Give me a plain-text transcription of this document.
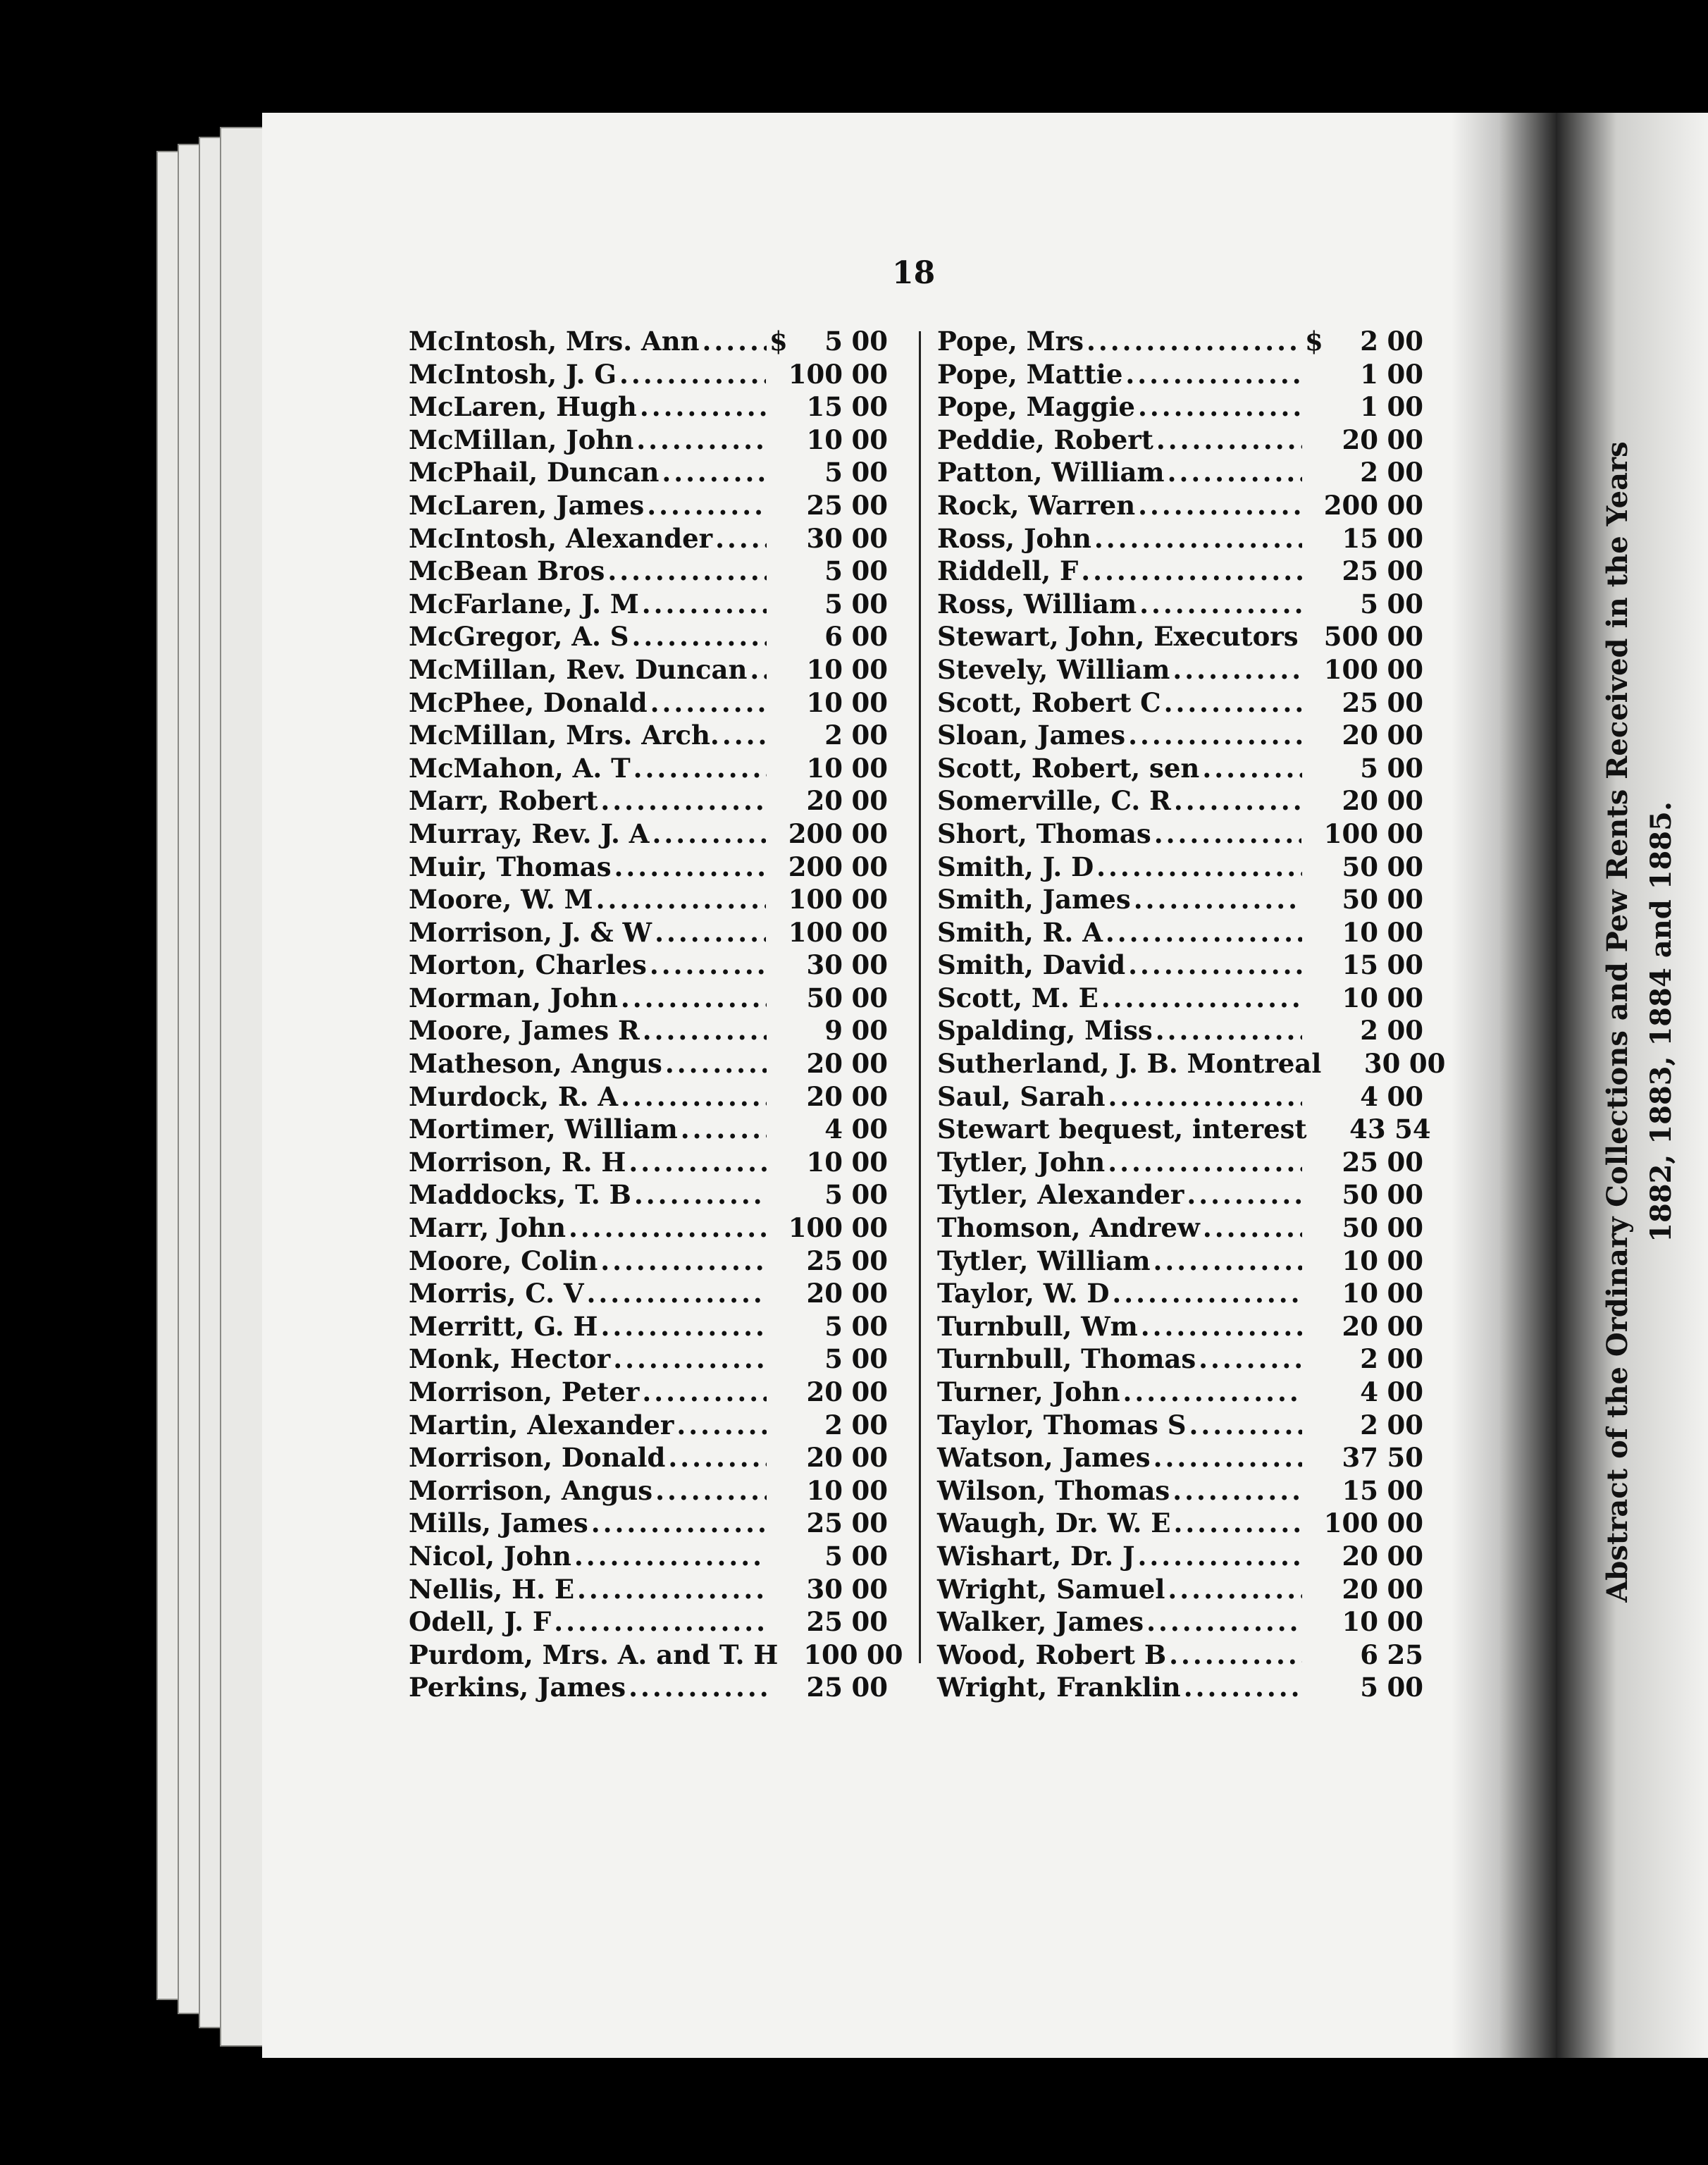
18
McIntosh, Mrs. Ann .....	$	5 00
McIntosh, J. G .....	100 00
McLaren, Hugh .....	15 00
McMillan, John .....	10 00
McPhail, Duncan .....	5 00
McLaren, James .....	25 00
McIntosh, Alexander .....	30 00
McBean Bros .....	5 00
McFarlane, J. M .....	5 00
McGregor, A. S .....	6 00
McMillan, Rev. Duncan .....	10 00
McPhee, Donald .....	10 00
McMillan, Mrs. Arch. .....	2 00
McMahon, A. T .....	10 00
Marr, Robert .....	20 00
Murray, Rev. J. A .....	200 00
Muir, Thomas .....	200 00
Moore, W. M .....	100 00
Morrison, J. & W .....	100 00
Morton, Charles .....	30 00
Morman, John .....	50 00
Moore, James R .....	9 00
Matheson, Angus .....	20 00
Murdock, R. A .....	20 00
Mortimer, William .....	4 00
Morrison, R. H .....	10 00
Maddocks, T. B .....	5 00
Marr, John .....	100 00
Moore, Colin .....	25 00
Morris, C. V .....	20 00
Merritt, G. H .....	5 00
Monk, Hector .....	5 00
Morrison, Peter .....	20 00
Martin, Alexander .....	2 00
Morrison, Donald .....	20 00
Morrison, Angus .....	10 00
Mills, James .....	25 00
Nicol, John .....	5 00
Nellis, H. E .....	30 00
Odell, J. F .....	25 00
Purdom, Mrs. A. and T. H 100 00
Perkins, James .....	25 00
Pope, Mrs .....	$	2 00
Pope, Mattie .....	1 00
Pope, Maggie .....	1 00
Peddie, Robert .....	20 00
Patton, William .....	2 00
Rock, Warren .....	200 00
Ross, John .....	15 00
Riddell, F .....	25 00
Ross, William .....	5 00
Stewart, John, Executors ..... 500 00
Stevely, William .....	100 00
Scott, Robert C .....	25 00
Sloan, James .....	20 00
Scott, Robert, sen .....	5 00
Somerville, C. R .....	20 00
Short, Thomas .....	100 00
Smith, J. D .....	50 00
Smith, James .....	50 00
Smith, R. A .....	10 00
Smith, David .....	15 00
Scott, M. E .....	10 00
Spalding, Miss .....	2 00
Sutherland, J. B. Montreal	30 00
Saul, Sarah .....	4 00
Stewart bequest, interest	43 54
Tytler, John .....	25 00
Tytler, Alexander .....	50 00
Thomson, Andrew .....	50 00
Tytler, William .....	10 00
Taylor, W. D .....	10 00
Turnbull, Wm .....	20 00
Turnbull, Thomas .....	2 00
Turner, John .....	4 00
Taylor, Thomas S .....	2 00
Watson, James .....	37 50
Wilson, Thomas .....	15 00
Waugh, Dr. W. E .....	100 00
Wishart, Dr. J .....	20 00
Wright, Samuel .....	20 00
Walker, James .....	10 00
Wood, Robert B .....	6 25
Wright, Franklin .....	5 00
Abstract of the Ordinary Collections and Pew Rents Received in the Years 1882, 1883, 1884 and 1885.
